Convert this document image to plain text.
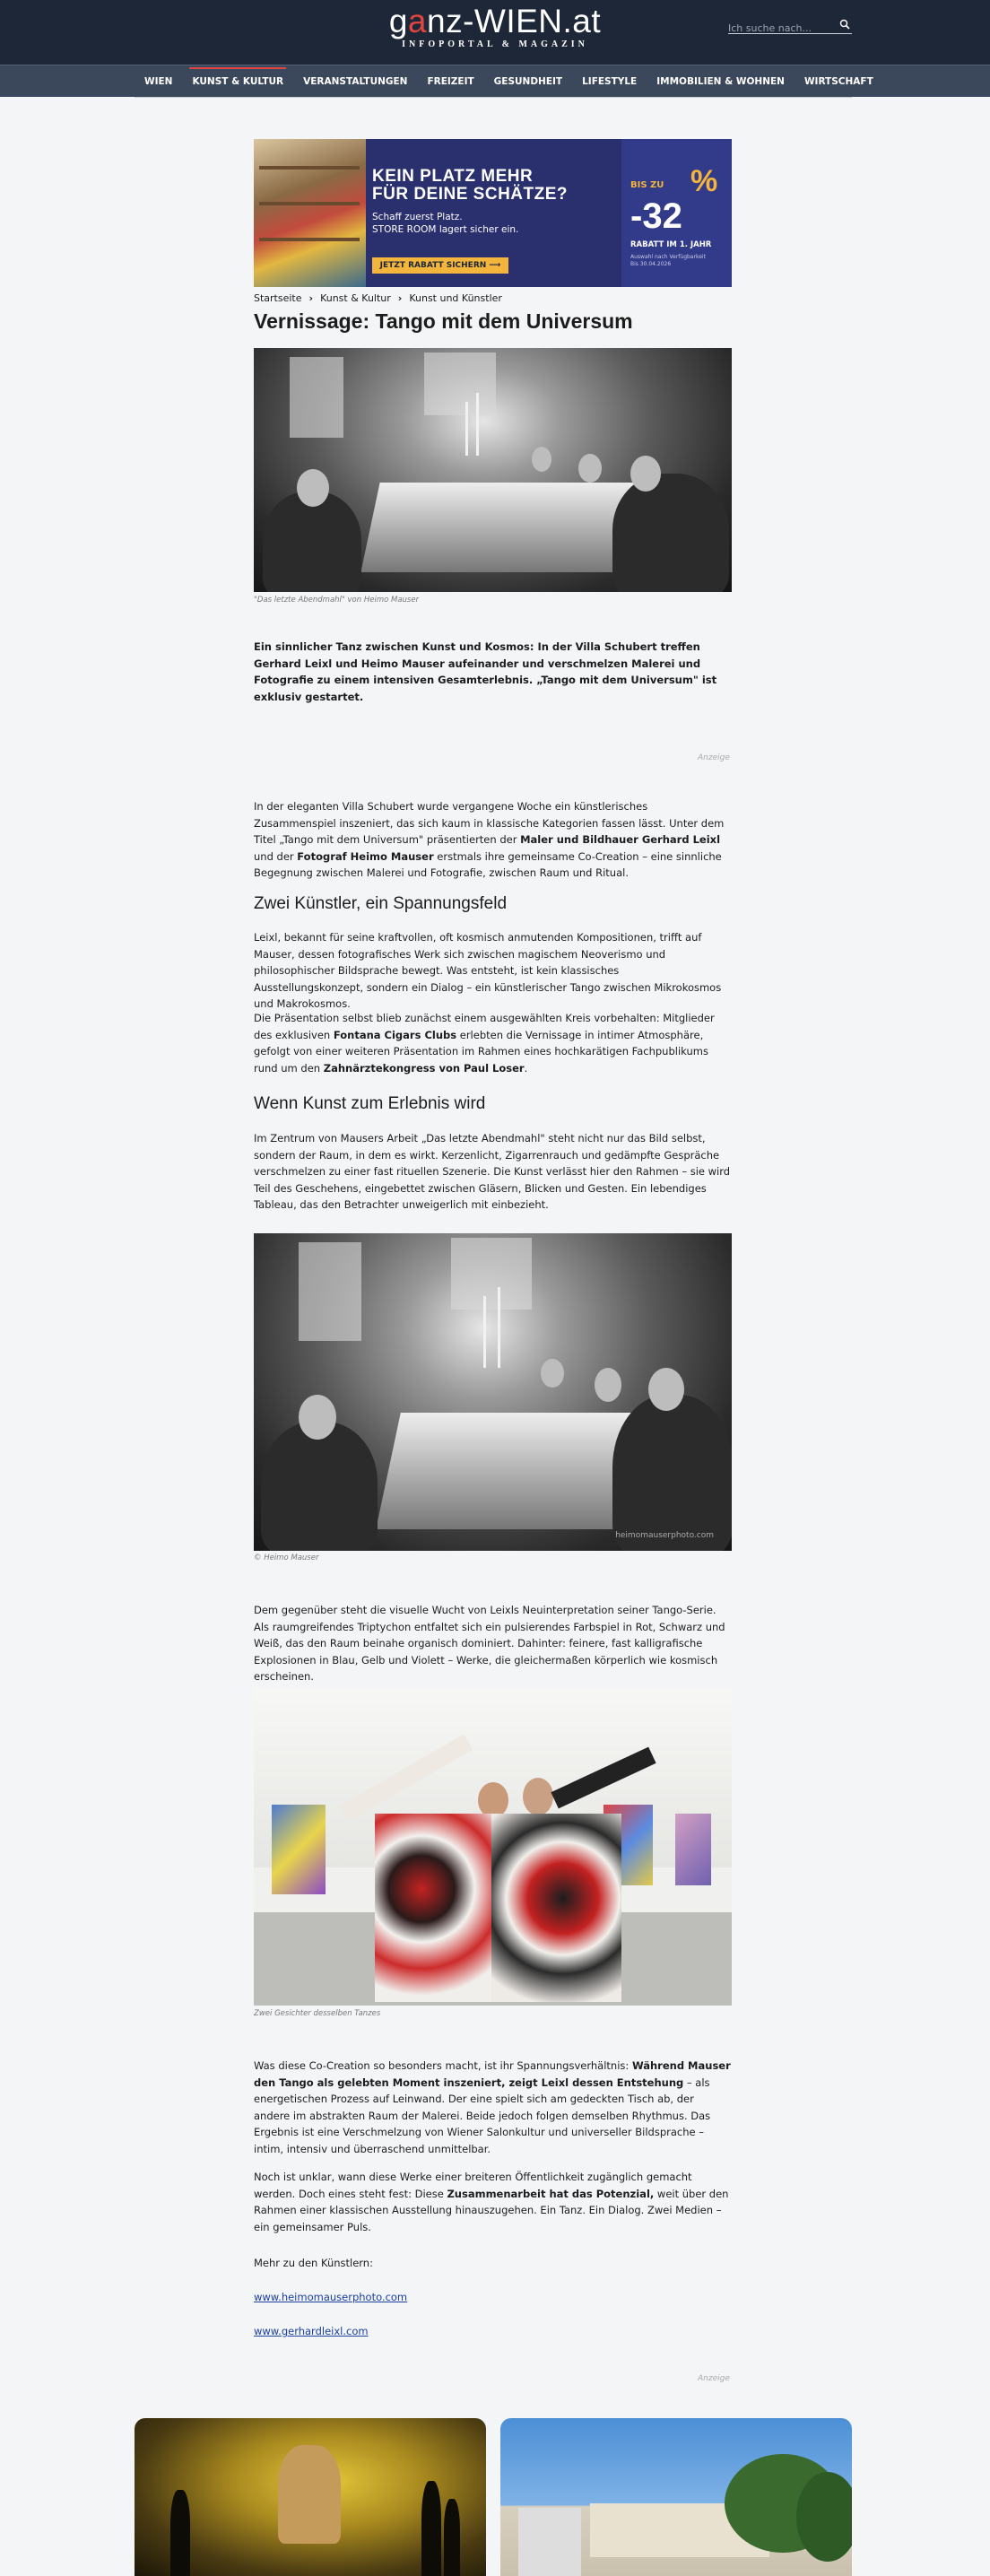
ganz-WIEN.at
INFOPORTAL & MAGAZIN
Ich suche nach...
WIEN	KUNST & KULTUR	VERANSTALTUNGEN	FREIZEIT	GESUNDHEIT	LIFESTYLE	IMMOBILIEN & WOHNEN	WIRTSCHAFT
KEIN PLATZ MEHR
FÜR DEINE SCHÄTZE?
Schaff zuerst Platz.
STORE ROOM lagert sicher ein.
JETZT RABATT SICHERN ⟶
BIS ZU %
-32
RABATT IM 1. JAHR
Auswahl nach Verfügbarkeit
Bis 30.04.2026
Startseite › Kunst & Kultur › Kunst und Künstler
Vernissage: Tango mit dem Universum
"Das letzte Abendmahl" von Heimo Mauser
Ein sinnlicher Tanz zwischen Kunst und Kosmos: In der Villa Schubert treffen Gerhard Leixl und Heimo Mauser aufeinander und verschmelzen Malerei und Fotografie zu einem intensiven Gesamterlebnis. „Tango mit dem Universum" ist exklusiv gestartet.
Anzeige
In der eleganten Villa Schubert wurde vergangene Woche ein künstlerisches Zusammenspiel inszeniert, das sich kaum in klassische Kategorien fassen lässt. Unter dem Titel „Tango mit dem Universum" präsentierten der Maler und Bildhauer Gerhard Leixl und der Fotograf Heimo Mauser erstmals ihre gemeinsame Co-Creation – eine sinnliche Begegnung zwischen Malerei und Fotografie, zwischen Raum und Ritual.
Zwei Künstler, ein Spannungsfeld
Leixl, bekannt für seine kraftvollen, oft kosmisch anmutenden Kompositionen, trifft auf Mauser, dessen fotografisches Werk sich zwischen magischem Neoverismo und philosophischer Bildsprache bewegt. Was entsteht, ist kein klassisches Ausstellungskonzept, sondern ein Dialog – ein künstlerischer Tango zwischen Mikrokosmos und Makrokosmos.
Die Präsentation selbst blieb zunächst einem ausgewählten Kreis vorbehalten: Mitglieder des exklusiven Fontana Cigars Clubs erlebten die Vernissage in intimer Atmosphäre, gefolgt von einer weiteren Präsentation im Rahmen eines hochkarätigen Fachpublikums rund um den Zahnärztekongress von Paul Loser.
Wenn Kunst zum Erlebnis wird
Im Zentrum von Mausers Arbeit „Das letzte Abendmahl" steht nicht nur das Bild selbst, sondern der Raum, in dem es wirkt. Kerzenlicht, Zigarrenrauch und gedämpfte Gespräche verschmelzen zu einer fast rituellen Szenerie. Die Kunst verlässt hier den Rahmen – sie wird Teil des Geschehens, eingebettet zwischen Gläsern, Blicken und Gesten. Ein lebendiges Tableau, das den Betrachter unweigerlich mit einbezieht.
heimomauserphoto.com
© Heimo Mauser
Dem gegenüber steht die visuelle Wucht von Leixls Neuinterpretation seiner Tango-Serie. Als raumgreifendes Triptychon entfaltet sich ein pulsierendes Farbspiel in Rot, Schwarz und Weiß, das den Raum beinahe organisch dominiert. Dahinter: feinere, fast kalligrafische Explosionen in Blau, Gelb und Violett – Werke, die gleichermaßen körperlich wie kosmisch erscheinen.
Zwei Gesichter desselben Tanzes
Was diese Co-Creation so besonders macht, ist ihr Spannungsverhältnis: Während Mauser den Tango als gelebten Moment inszeniert, zeigt Leixl dessen Entstehung – als energetischen Prozess auf Leinwand. Der eine spielt sich am gedeckten Tisch ab, der andere im abstrakten Raum der Malerei. Beide jedoch folgen demselben Rhythmus. Das Ergebnis ist eine Verschmelzung von Wiener Salonkultur und universeller Bildsprache – intim, intensiv und überraschend unmittelbar.
Noch ist unklar, wann diese Werke einer breiteren Öffentlichkeit zugänglich gemacht werden. Doch eines steht fest: Diese Zusammenarbeit hat das Potenzial, weit über den Rahmen einer klassischen Ausstellung hinauszugehen. Ein Tanz. Ein Dialog. Zwei Medien – ein gemeinsamer Puls.
Mehr zu den Künstlern:
www.heimomauserphoto.com
www.gerhardleixl.com
Anzeige
